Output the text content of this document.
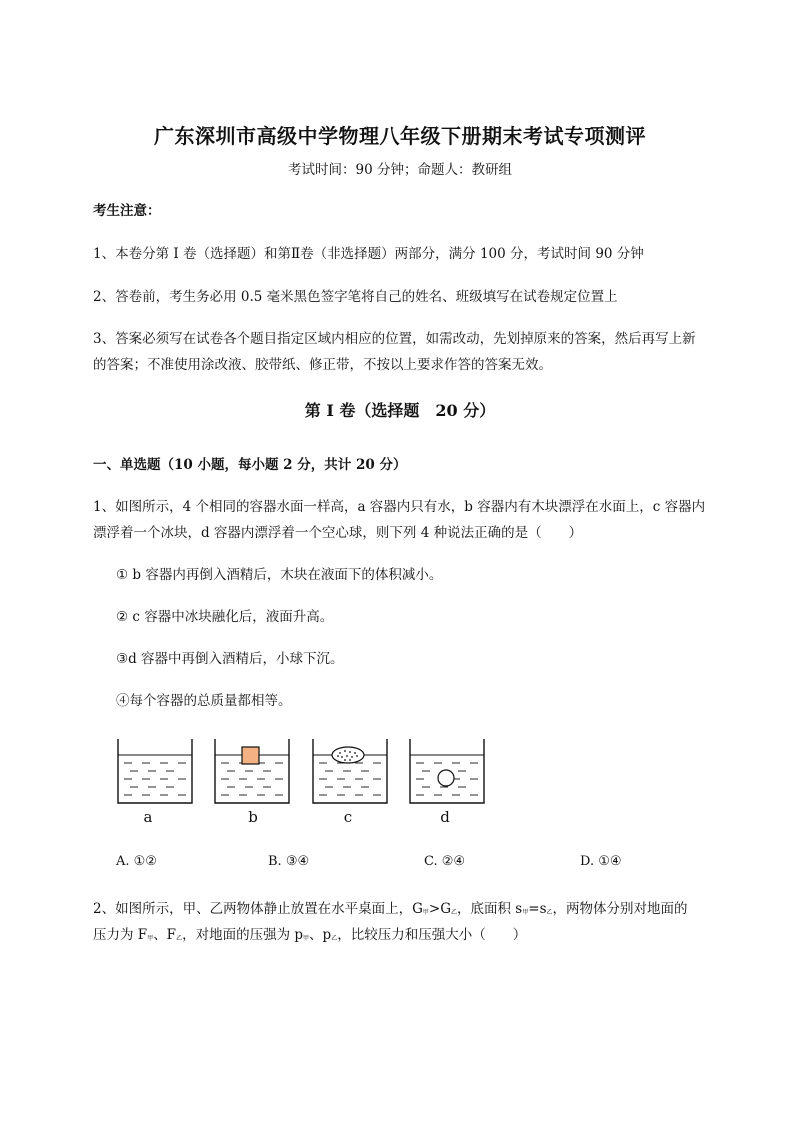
广东深圳市高级中学物理八年级下册期末考试专项测评
考试时间：90 分钟；命题人：教研组
考生注意：
1、本卷分第 I 卷（选择题）和第Ⅱ卷（非选择题）两部分，满分 100 分，考试时间 90 分钟
2、答卷前，考生务必用 0.5 毫米黑色签字笔将自己的姓名、班级填写在试卷规定位置上
3、答案必须写在试卷各个题目指定区域内相应的位置，如需改动，先划掉原来的答案，然后再写上新
的答案；不准使用涂改液、胶带纸、修正带，不按以上要求作答的答案无效。
第 I 卷（选择题　20 分）
一、单选题（10 小题，每小题 2 分，共计 20 分）
1、如图所示，4 个相同的容器水面一样高，a 容器内只有水，b 容器内有木块漂浮在水面上，c 容器内
漂浮着一个冰块，d 容器内漂浮着一个空心球，则下列 4 种说法正确的是（　　）
① b 容器内再倒入酒精后，木块在液面下的体积减小。
② c 容器中冰块融化后，液面升高。
③d 容器中再倒入酒精后，小球下沉。
④每个容器的总质量都相等。
a	b	c	d
A. ①②	B. ③④	C. ②④	D. ①④
2、如图所示，甲、乙两物体静止放置在水平桌面上，G甲>G乙，底面积 s甲=s乙，两物体分别对地面的
压力为 F甲、F乙，对地面的压强为 p甲、p乙，比较压力和压强大小（　　）
